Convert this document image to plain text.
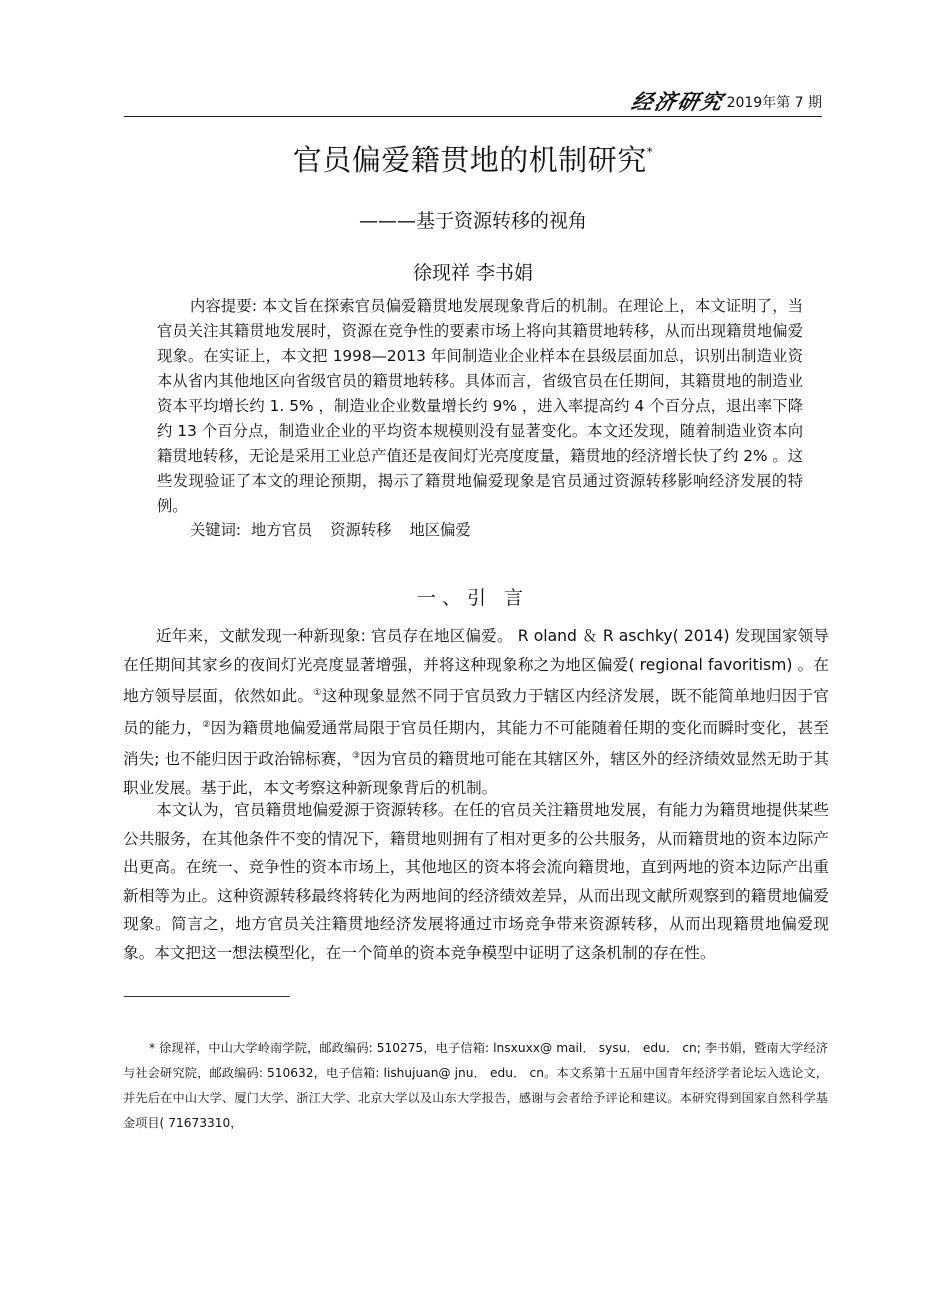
经济研究2019年第 7 期
官员偏爱籍贯地的机制研究*
———基于资源转移的视角
徐现祥 李书娟

内容提要: 本文旨在探索官员偏爱籍贯地发展现象背后的机制。在理论上，本文证明了，当官员关注其籍贯地发展时，资源在竞争性的要素市场上将向其籍贯地转移，从而出现籍贯地偏爱现象。在实证上，本文把 1998—2013 年间制造业企业样本在县级层面加总，识别出制造业资本从省内其他地区向省级官员的籍贯地转移。具体而言，省级官员在任期间，其籍贯地的制造业资本平均增长约 1. 5% ，制造业企业数量增长约 9% ，进入率提高约 4 个百分点，退出率下降约 13 个百分点，制造业企业的平均资本规模则没有显著变化。本文还发现，随着制造业资本向籍贯地转移，无论是采用工业总产值还是夜间灯光亮度度量，籍贯地的经济增长快了约 2% 。这些发现验证了本文的理论预期，揭示了籍贯地偏爱现象是官员通过资源转移影响经济发展的特例。

关键词: 地方官员 资源转移 地区偏爱
一、引 言

近年来，文献发现一种新现象: 官员存在地区偏爱。 R oland ＆ R aschky( 2014) 发现国家领导在任期间其家乡的夜间灯光亮度显著增强，并将这种现象称之为地区偏爱( regional favoritism) 。在地方领导层面，依然如此。①这种现象显然不同于官员致力于辖区内经济发展，既不能简单地归因于官员的能力，②因为籍贯地偏爱通常局限于官员任期内，其能力不可能随着任期的变化而瞬时变化，甚至消失; 也不能归因于政治锦标赛，③因为官员的籍贯地可能在其辖区外，辖区外的经济绩效显然无助于其职业发展。基于此，本文考察这种新现象背后的机制。

本文认为，官员籍贯地偏爱源于资源转移。在任的官员关注籍贯地发展，有能力为籍贯地提供某些公共服务，在其他条件不变的情况下，籍贯地则拥有了相对更多的公共服务，从而籍贯地的资本边际产出更高。在统一、竞争性的资本市场上，其他地区的资本将会流向籍贯地，直到两地的资本边际产出重新相等为止。这种资源转移最终将转化为两地间的经济绩效差异，从而出现文献所观察到的籍贯地偏爱现象。简言之，地方官员关注籍贯地经济发展将通过市场竞争带来资源转移，从而出现籍贯地偏爱现象。本文把这一想法模型化，在一个简单的资本竞争模型中证明了这条机制的存在性。

* 徐现祥，中山大学岭南学院，邮政编码: 510275，电子信箱: lnsxuxx@ mail． sysu． edu． cn; 李书娟，暨南大学经济与社会研究院，邮政编码: 510632，电子信箱: lishujuan@ jnu． edu． cn。本文系第十五届中国青年经济学者论坛入选论文，并先后在中山大学、厦门大学、浙江大学、北京大学以及山东大学报告，感谢与会者给予评论和建议。本研究得到国家自然科学基金项目( 71673310，
